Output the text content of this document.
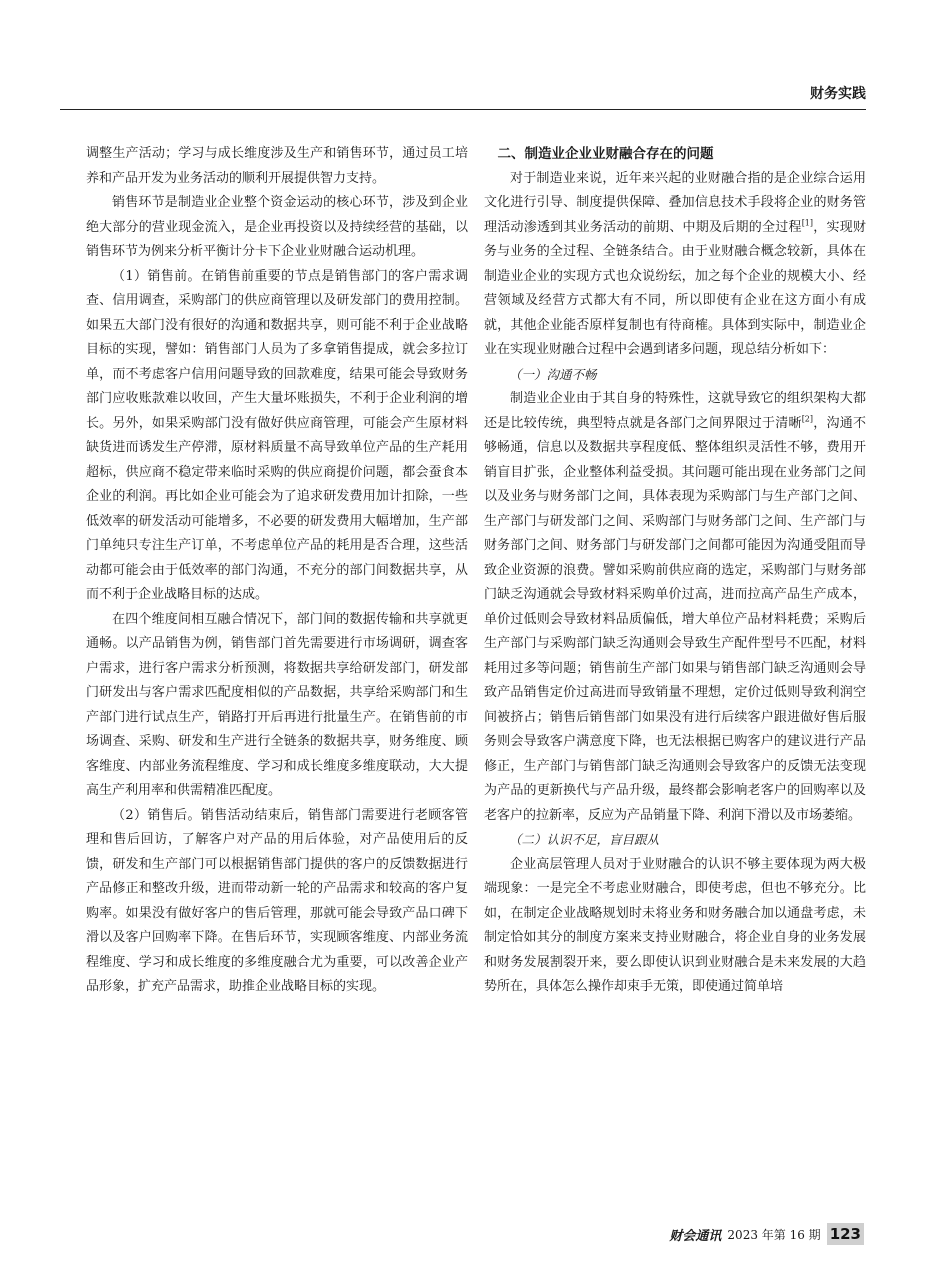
财务实践

调整生产活动；学习与成长维度涉及生产和销售环节，通过员工培养和产品开发为业务活动的顺利开展提供智力支持。

销售环节是制造业企业整个资金运动的核心环节，涉及到企业绝大部分的营业现金流入，是企业再投资以及持续经营的基础，以销售环节为例来分析平衡计分卡下企业业财融合运动机理。

（1）销售前。在销售前重要的节点是销售部门的客户需求调查、信用调查，采购部门的供应商管理以及研发部门的费用控制。如果五大部门没有很好的沟通和数据共享，则可能不利于企业战略目标的实现，譬如：销售部门人员为了多拿销售提成，就会多拉订单，而不考虑客户信用问题导致的回款难度，结果可能会导致财务部门应收账款难以收回，产生大量坏账损失，不利于企业利润的增长。另外，如果采购部门没有做好供应商管理，可能会产生原材料缺货进而诱发生产停滞，原材料质量不高导致单位产品的生产耗用超标，供应商不稳定带来临时采购的供应商提价问题，都会蚕食本企业的利润。再比如企业可能会为了追求研发费用加计扣除，一些低效率的研发活动可能增多，不必要的研发费用大幅增加，生产部门单纯只专注生产订单，不考虑单位产品的耗用是否合理，这些活动都可能会由于低效率的部门沟通，不充分的部门间数据共享，从而不利于企业战略目标的达成。

在四个维度间相互融合情况下，部门间的数据传输和共享就更通畅。以产品销售为例，销售部门首先需要进行市场调研，调查客户需求，进行客户需求分析预测，将数据共享给研发部门，研发部门研发出与客户需求匹配度相似的产品数据，共享给采购部门和生产部门进行试点生产，销路打开后再进行批量生产。在销售前的市场调查、采购、研发和生产进行全链条的数据共享，财务维度、顾客维度、内部业务流程维度、学习和成长维度多维度联动，大大提高生产利用率和供需精准匹配度。

（2）销售后。销售活动结束后，销售部门需要进行老顾客管理和售后回访，了解客户对产品的用后体验，对产品使用后的反馈，研发和生产部门可以根据销售部门提供的客户的反馈数据进行产品修正和整改升级，进而带动新一轮的产品需求和较高的客户复购率。如果没有做好客户的售后管理，那就可能会导致产品口碑下滑以及客户回购率下降。在售后环节，实现顾客维度、内部业务流程维度、学习和成长维度的多维度融合尤为重要，可以改善企业产品形象，扩充产品需求，助推企业战略目标的实现。

二、制造业企业业财融合存在的问题

对于制造业来说，近年来兴起的业财融合指的是企业综合运用文化进行引导、制度提供保障、叠加信息技术手段将企业的财务管理活动渗透到其业务活动的前期、中期及后期的全过程[1]，实现财务与业务的全过程、全链条结合。由于业财融合概念较新，具体在制造业企业的实现方式也众说纷纭，加之每个企业的规模大小、经营领域及经营方式都大有不同，所以即使有企业在这方面小有成就，其他企业能否原样复制也有待商榷。具体到实际中，制造业企业在实现业财融合过程中会遇到诸多问题，现总结分析如下：

（一）沟通不畅

制造业企业由于其自身的特殊性，这就导致它的组织架构大都还是比较传统，典型特点就是各部门之间界限过于清晰[2]，沟通不够畅通，信息以及数据共享程度低、整体组织灵活性不够，费用开销盲目扩张，企业整体利益受损。其问题可能出现在业务部门之间以及业务与财务部门之间，具体表现为采购部门与生产部门之间、生产部门与研发部门之间、采购部门与财务部门之间、生产部门与财务部门之间、财务部门与研发部门之间都可能因为沟通受阻而导致企业资源的浪费。譬如采购前供应商的选定，采购部门与财务部门缺乏沟通就会导致材料采购单价过高，进而拉高产品生产成本，单价过低则会导致材料品质偏低，增大单位产品材料耗费；采购后生产部门与采购部门缺乏沟通则会导致生产配件型号不匹配，材料耗用过多等问题；销售前生产部门如果与销售部门缺乏沟通则会导致产品销售定价过高进而导致销量不理想，定价过低则导致利润空间被挤占；销售后销售部门如果没有进行后续客户跟进做好售后服务则会导致客户满意度下降，也无法根据已购客户的建议进行产品修正，生产部门与销售部门缺乏沟通则会导致客户的反馈无法变现为产品的更新换代与产品升级，最终都会影响老客户的回购率以及老客户的拉新率，反应为产品销量下降、利润下滑以及市场萎缩。

（二）认识不足，盲目跟从

企业高层管理人员对于业财融合的认识不够主要体现为两大极端现象：一是完全不考虑业财融合，即使考虑，但也不够充分。比如，在制定企业战略规划时未将业务和财务融合加以通盘考虑，未制定恰如其分的制度方案来支持业财融合，将企业自身的业务发展和财务发展割裂开来，要么即使认识到业财融合是未来发展的大趋势所在，具体怎么操作却束手无策，即使通过简单培

财会通讯 2023 年第 16 期 123
